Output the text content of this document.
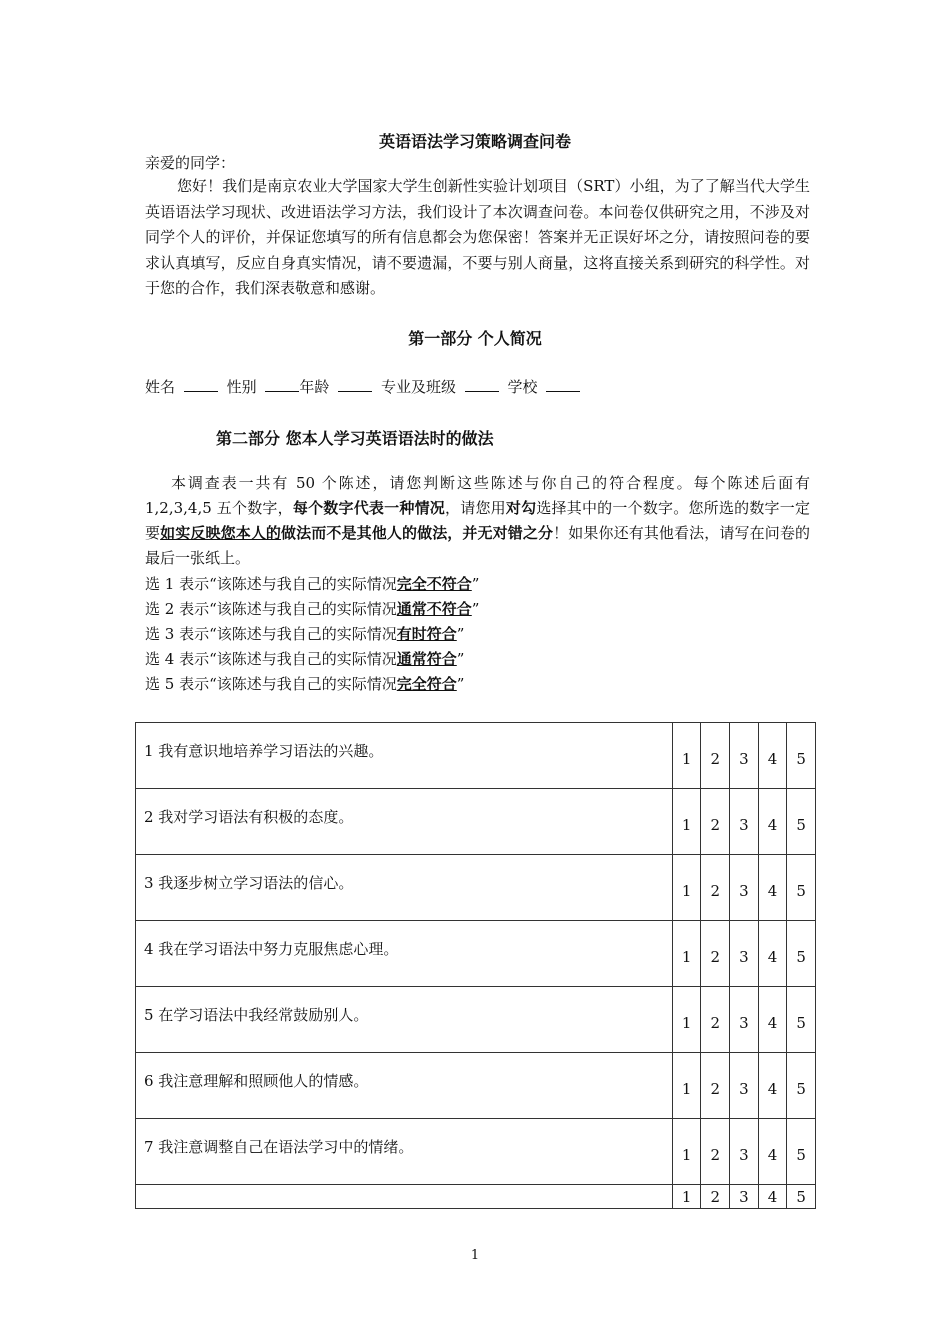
英语语法学习策略调查问卷
亲爱的同学：
您好！我们是南京农业大学国家大学生创新性实验计划项目（SRT）小组，为了了解当代大学生英语语法学习现状、改进语法学习方法，我们设计了本次调查问卷。本问卷仅供研究之用，不涉及对同学个人的评价，并保证您填写的所有信息都会为您保密！答案并无正误好坏之分，请按照问卷的要求认真填写，反应自身真实情况，请不要遗漏，不要与别人商量，这将直接关系到研究的科学性。对于您的合作，我们深表敬意和感谢。
第一部分 个人简况
姓名	性别	年龄	专业及班级	学校
第二部分 您本人学习英语语法时的做法
本调查表一共有 50 个陈述，请您判断这些陈述与你自己的符合程度。每个陈述后面有 1,2,3,4,5 五个数字，每个数字代表一种情况，请您用对勾选择其中的一个数字。您所选的数字一定要如实反映您本人的做法而不是其他人的做法，并无对错之分！如果你还有其他看法，请写在问卷的最后一张纸上。
选 1 表示“该陈述与我自己的实际情况完全不符合”
选 2 表示“该陈述与我自己的实际情况通常不符合”
选 3 表示“该陈述与我自己的实际情况有时符合”
选 4 表示“该陈述与我自己的实际情况通常符合”
选 5 表示“该陈述与我自己的实际情况完全符合”
1 我有意识地培养学习语法的兴趣。	1	2	3	4	5
2 我对学习语法有积极的态度。	1	2	3	4	5
3 我逐步树立学习语法的信心。	1	2	3	4	5
4 我在学习语法中努力克服焦虑心理。	1	2	3	4	5
5 在学习语法中我经常鼓励别人。	1	2	3	4	5
6 我注意理解和照顾他人的情感。	1	2	3	4	5
7 我注意调整自己在语法学习中的情绪。	1	2	3	4	5
	1	2	3	4	5
1
